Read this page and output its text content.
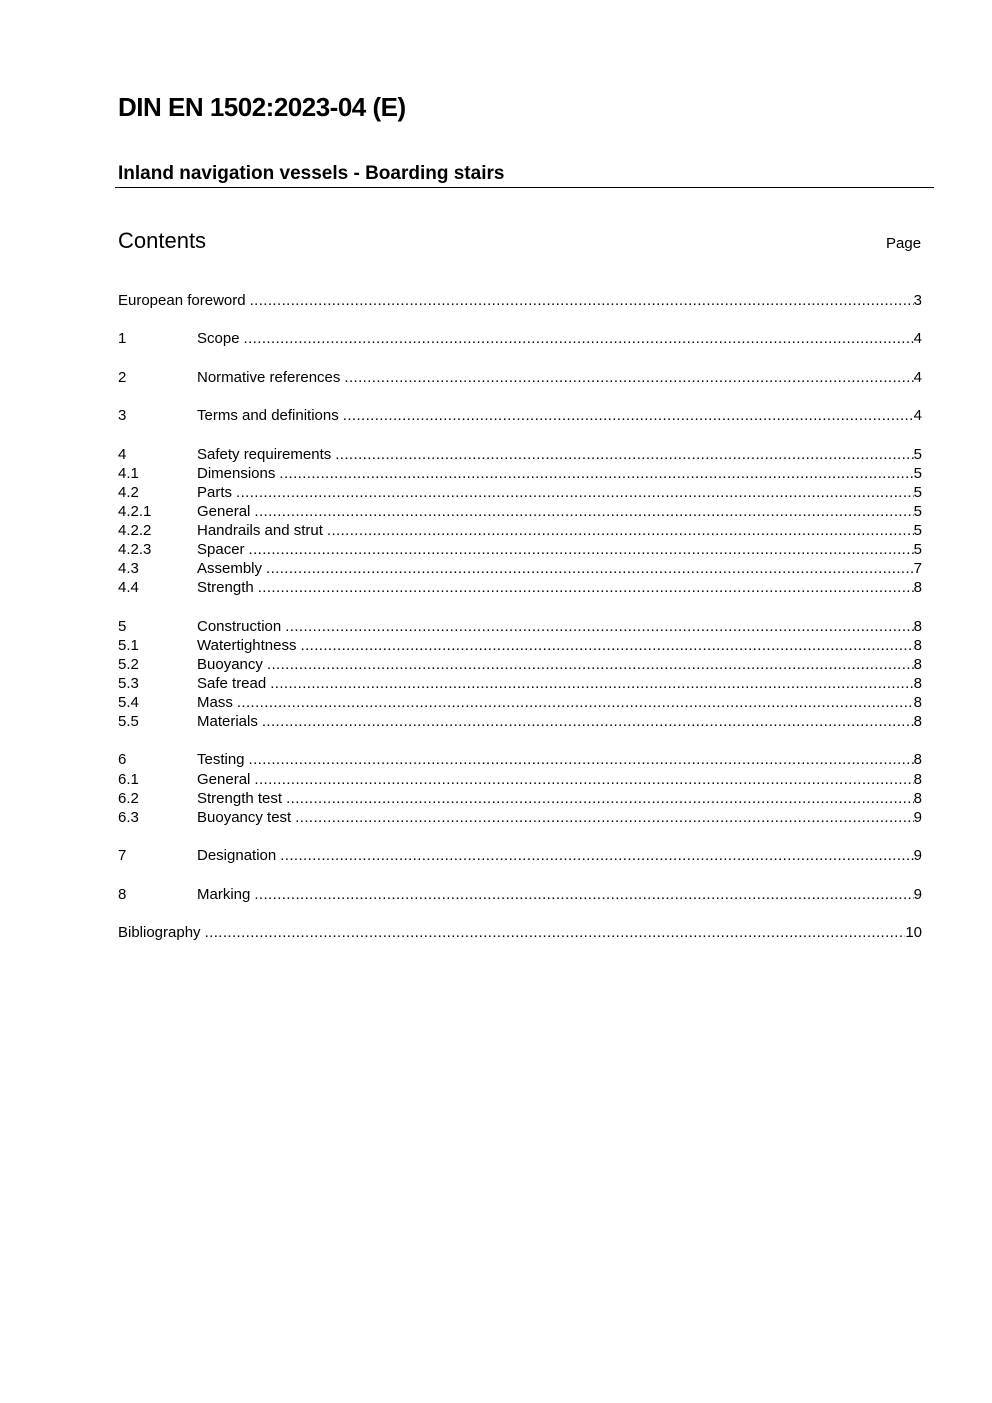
DIN EN 1502:2023-04 (E)
Inland navigation vessels - Boarding stairs
Contents	Page
European foreword .....	3
1	Scope .....	4
2	Normative references .....	4
3	Terms and definitions .....	4
4	Safety requirements .....	5
4.1	Dimensions .....	5
4.2	Parts .....	5
4.2.1	General .....	5
4.2.2	Handrails and strut .....	5
4.2.3	Spacer .....	5
4.3	Assembly .....	7
4.4	Strength .....	8
5	Construction .....	8
5.1	Watertightness .....	8
5.2	Buoyancy .....	8
5.3	Safe tread .....	8
5.4	Mass .....	8
5.5	Materials .....	8
6	Testing .....	8
6.1	General .....	8
6.2	Strength test .....	8
6.3	Buoyancy test .....	9
7	Designation .....	9
8	Marking .....	9
Bibliography .....	10
